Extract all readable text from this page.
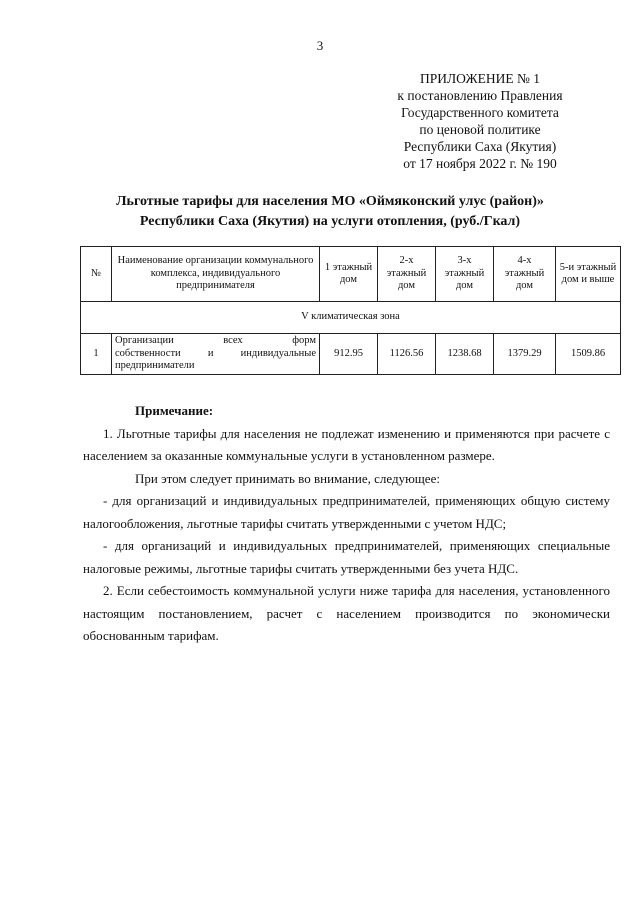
3
ПРИЛОЖЕНИЕ № 1
к постановлению Правления
Государственного комитета
по ценовой политике
Республики Саха (Якутия)
от 17 ноября 2022 г. № 190
Льготные тарифы для населения МО «Оймяконский улус (район)»
Республики Саха (Якутия) на услуги отопления, (руб./Гкал)
№	Наименование организации коммунального комплекса, индивидуального предпринимателя	1 этажный дом	2-х этажный дом	3-х этажный дом	4-х этажный дом	5-и этажный дом и выше
V климатическая зона						
1	Организации всех форм
собственности и индивидуальные
предприниматели	912.95	1126.56	1238.68	1379.29	1509.86
Примечание:

1. Льготные тарифы для населения не подлежат изменению и применяются при расчете с населением за оказанные коммунальные услуги в установленном размере.

При этом следует принимать во внимание, следующее:

- для организаций и индивидуальных предпринимателей, применяющих общую систему налогообложения, льготные тарифы считать утвержденными с учетом НДС;

- для организаций и индивидуальных предпринимателей, применяющих специальные налоговые режимы, льготные тарифы считать утвержденными без учета НДС.

2. Если себестоимость коммунальной услуги ниже тарифа для населения, установленного настоящим постановлением, расчет с населением производится по экономически обоснованным тарифам.
